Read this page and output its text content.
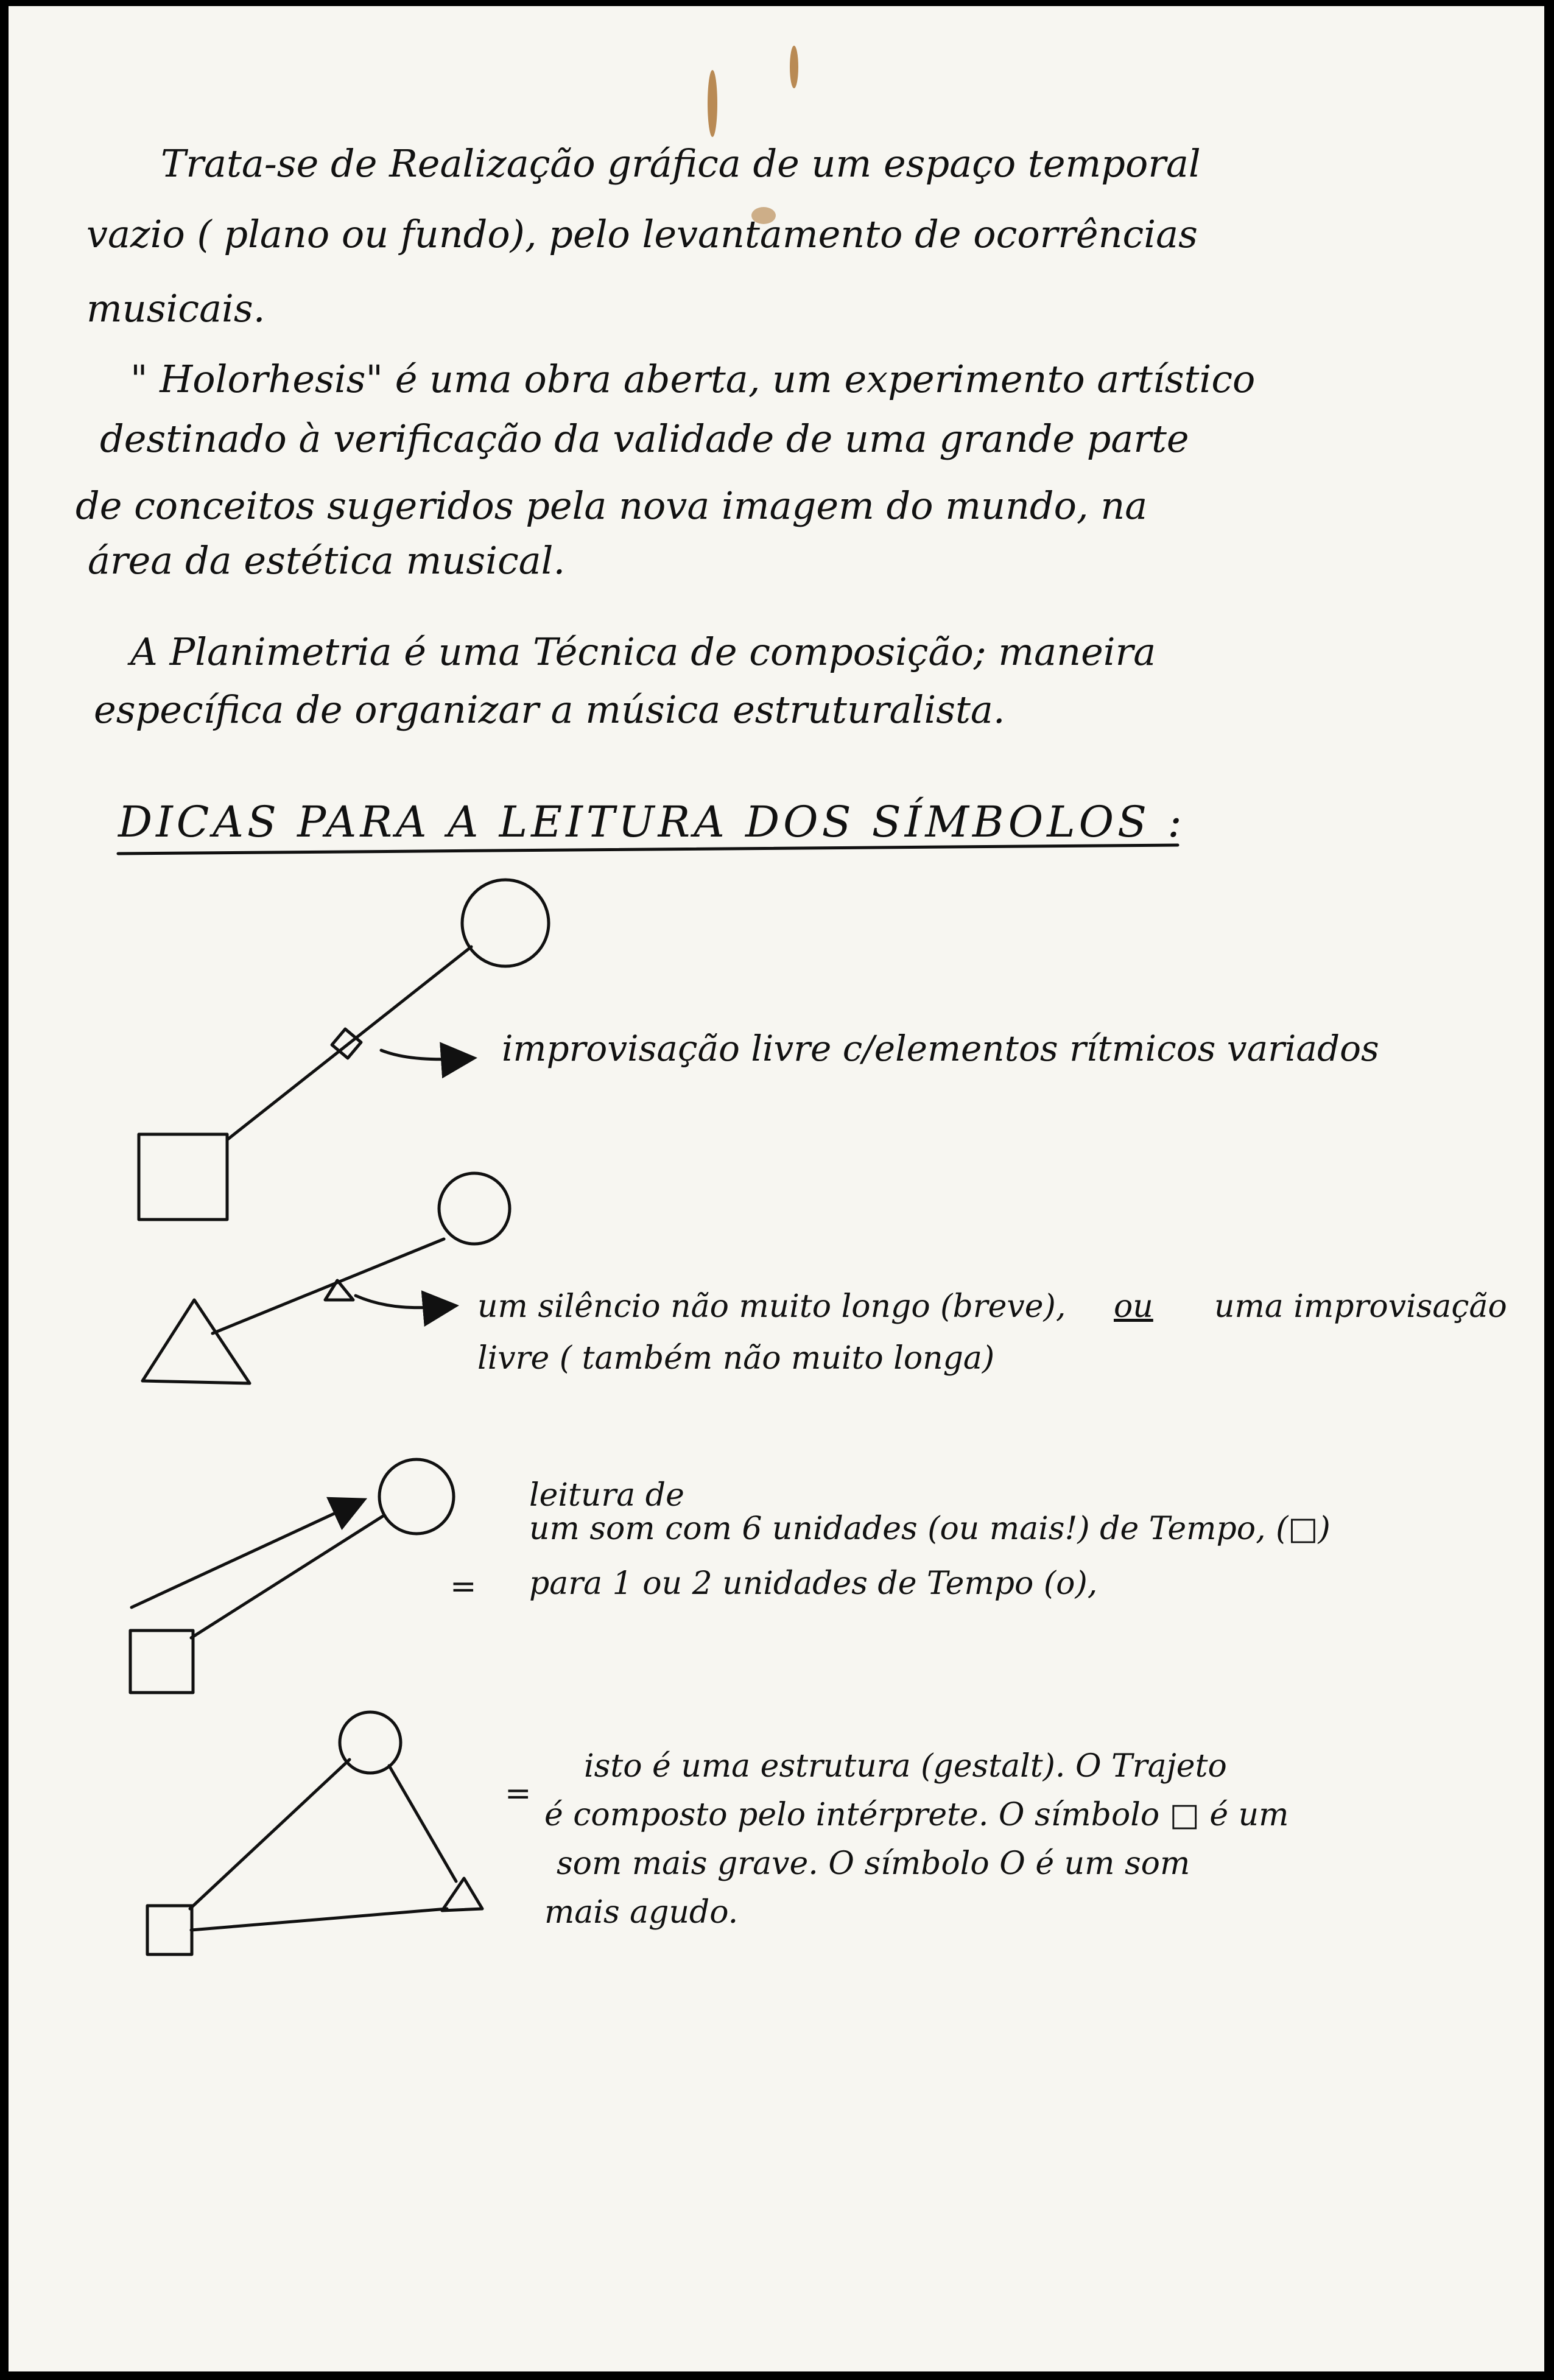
Trata-se de Realização gráfica de um espaço temporal

vazio ( plano ou fundo), pelo levantamento de ocorrências

musicais.

" Holorhesis" é uma obra aberta, um experimento artístico

destinado à verificação da validade de uma grande parte

de conceitos sugeridos pela nova imagem do mundo, na

área da estética musical.

A Planimetria é uma Técnica de composição; maneira

específica de organizar a música estruturalista.

DICAS PARA A LEITURA DOS SÍMBOLOS :

improvisação livre c/elementos rítmicos variados

um silêncio não muito longo (breve), ou uma improvisação

livre ( também não muito longa)

leitura de

um som com 6 unidades (ou mais!) de Tempo, (□)

= para 1 ou 2 unidades de Tempo (o),

=

isto é uma estrutura (gestalt). O Trajeto

é composto pelo intérprete. O símbolo □ é um

som mais grave. O símbolo O é um som

mais agudo.
